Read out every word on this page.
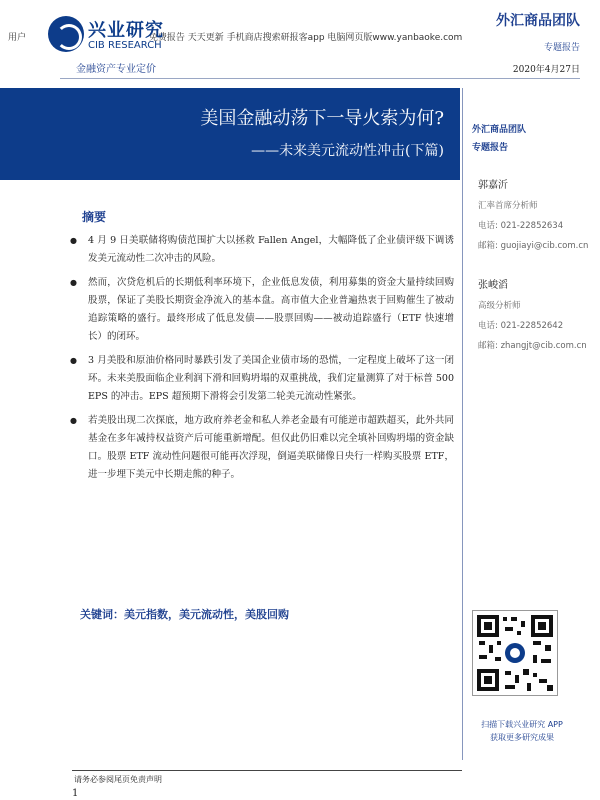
用户	免费报告 天天更新 手机商店搜索研报客app 电脑网页版www.yanbaoke.com
兴业研究
CIB RESEARCH
金融资产专业定价
外汇商品团队
专题报告
2020年4月27日
美国金融动荡下一导火索为何?
——未来美元流动性冲击(下篇)
外汇商品团队
专题报告
郭嘉沂
汇率首席分析师
电话: 021-22852634
邮箱: guojiayi@cib.com.cn
张峻滔
高级分析师
电话: 021-22852642
邮箱: zhangjt@cib.com.cn
扫描下载兴业研究 APP
获取更多研究成果
摘要
● 4 月 9 日美联储将购债范围扩大以拯救 Fallen Angel，大幅降低了企业债评级下调诱发美元流动性二次冲击的风险。
● 然而，次贷危机后的长期低利率环境下，企业低息发债，利用募集的资金大量持续回购股票，保证了美股长期资金净流入的基本盘。高市值大企业普遍热衷于回购催生了被动追踪策略的盛行。最终形成了低息发债——股票回购——被动追踪盛行（ETF 快速增长）的闭环。
● 3 月美股和原油价格同时暴跌引发了美国企业债市场的恐慌，一定程度上破坏了这一闭环。未来美股面临企业利润下滑和回购坍塌的双重挑战，我们定量测算了对于标普 500 EPS 的冲击。EPS 超预期下滑将会引发第二轮美元流动性紧张。
● 若美股出现二次探底，地方政府养老金和私人养老金最有可能逆市超跌超买，此外共同基金在多年减持权益资产后可能重新增配。但仅此仍旧难以完全填补回购坍塌的资金缺口。股票 ETF 流动性问题很可能再次浮现，倒逼美联储像日央行一样购买股票 ETF，进一步埋下美元中长期走熊的种子。
关键词：美元指数，美元流动性，美股回购
请务必参阅尾页免责声明
1
